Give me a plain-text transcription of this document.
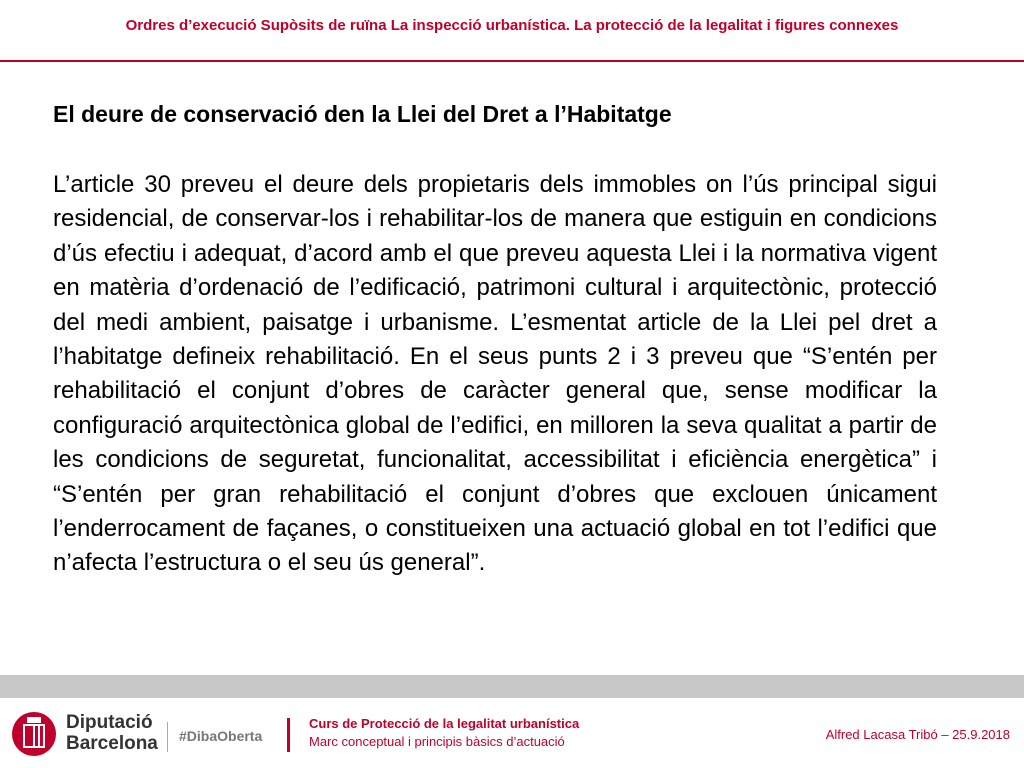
Ordres d’execució Supòsits de ruïna La inspecció urbanística. La protecció de la legalitat i figures connexes
El deure de conservació den la Llei del Dret a l’Habitatge

L’article 30 preveu el deure dels propietaris dels immobles on l’ús principal sigui residencial, de conservar-los i rehabilitar-los de manera que estiguin en condicions d’ús efectiu i adequat, d’acord amb el que preveu aquesta Llei i la normativa vigent en matèria d’ordenació de l’edificació, patrimoni cultural i arquitectònic, protecció del medi ambient, paisatge i urbanisme. L’esmentat article de la Llei pel dret a l’habitatge defineix rehabilitació. En el seus punts 2 i 3 preveu que “S’entén per rehabilitació el conjunt d’obres de caràcter general que, sense modificar la configuració arquitectònica global de l’edifici, en milloren la seva qualitat a partir de les condicions de seguretat, funcionalitat, accessibilitat i eficiència energètica” i “S’entén per gran rehabilitació el conjunt d’obres que exclouen únicament l’enderrocament de façanes, o constitueixen una actuació global en tot l’edifici que n’afecta l’estructura o el seu ús general”.

Diputació
Barcelona #DibaOberta
Curs de Protecció de la legalitat urbanística
Marc conceptual i principis bàsics d’actuació	Alfred Lacasa Tribó – 25.9.2018
